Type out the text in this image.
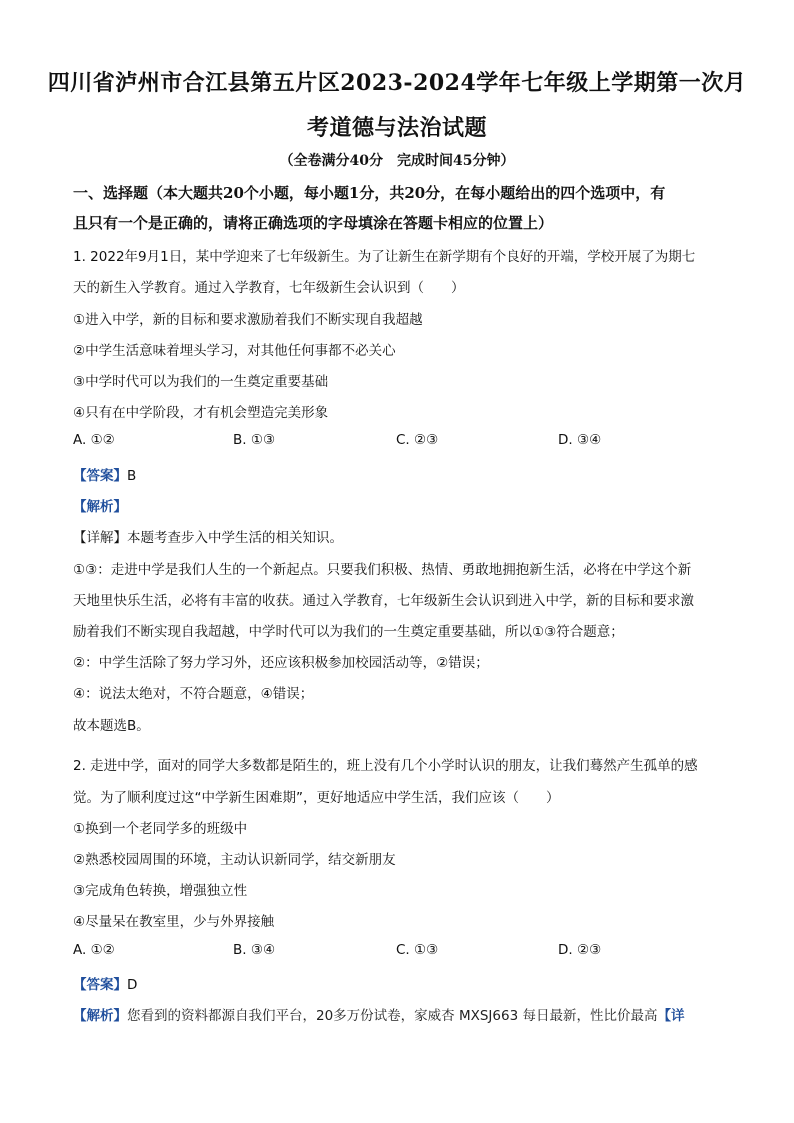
四川省泸州市合江县第五片区2023-2024学年七年级上学期第一次月
考道德与法治试题
（全卷满分40分　完成时间45分钟）
一、选择题（本大题共20个小题，每小题1分，共20分，在每小题给出的四个选项中，有
且只有一个是正确的，请将正确选项的字母填涂在答题卡相应的位置上）
1. 2022年9月1日，某中学迎来了七年级新生。为了让新生在新学期有个良好的开端，学校开展了为期七
天的新生入学教育。通过入学教育，七年级新生会认识到（　　）
①进入中学，新的目标和要求激励着我们不断实现自我超越
②中学生活意味着埋头学习，对其他任何事都不必关心
③中学时代可以为我们的一生奠定重要基础
④只有在中学阶段，才有机会塑造完美形象
A. ①②	B. ①③	C. ②③	D. ③④
【答案】B
【解析】
【详解】本题考查步入中学生活的相关知识。
①③：走进中学是我们人生的一个新起点。只要我们积极、热情、勇敢地拥抱新生活，必将在中学这个新
天地里快乐生活，必将有丰富的收获。通过入学教育，七年级新生会认识到进入中学，新的目标和要求激
励着我们不断实现自我超越，中学时代可以为我们的一生奠定重要基础，所以①③符合题意；
②：中学生活除了努力学习外，还应该积极参加校园活动等，②错误；
④：说法太绝对，不符合题意，④错误；
故本题选B。
2. 走进中学，面对的同学大多数都是陌生的，班上没有几个小学时认识的朋友，让我们蓦然产生孤单的感
觉。为了顺利度过这“中学新生困难期”，更好地适应中学生活，我们应该（　　）
①换到一个老同学多的班级中
②熟悉校园周围的环境，主动认识新同学，结交新朋友
③完成角色转换，增强独立性
④尽量呆在教室里，少与外界接触
A. ①②	B. ③④	C. ①③	D. ②③
【答案】D
【解析】您看到的资料都源自我们平台，20多万份试卷，家威杏 MXSJ663 每日最新，性比价最高【详
